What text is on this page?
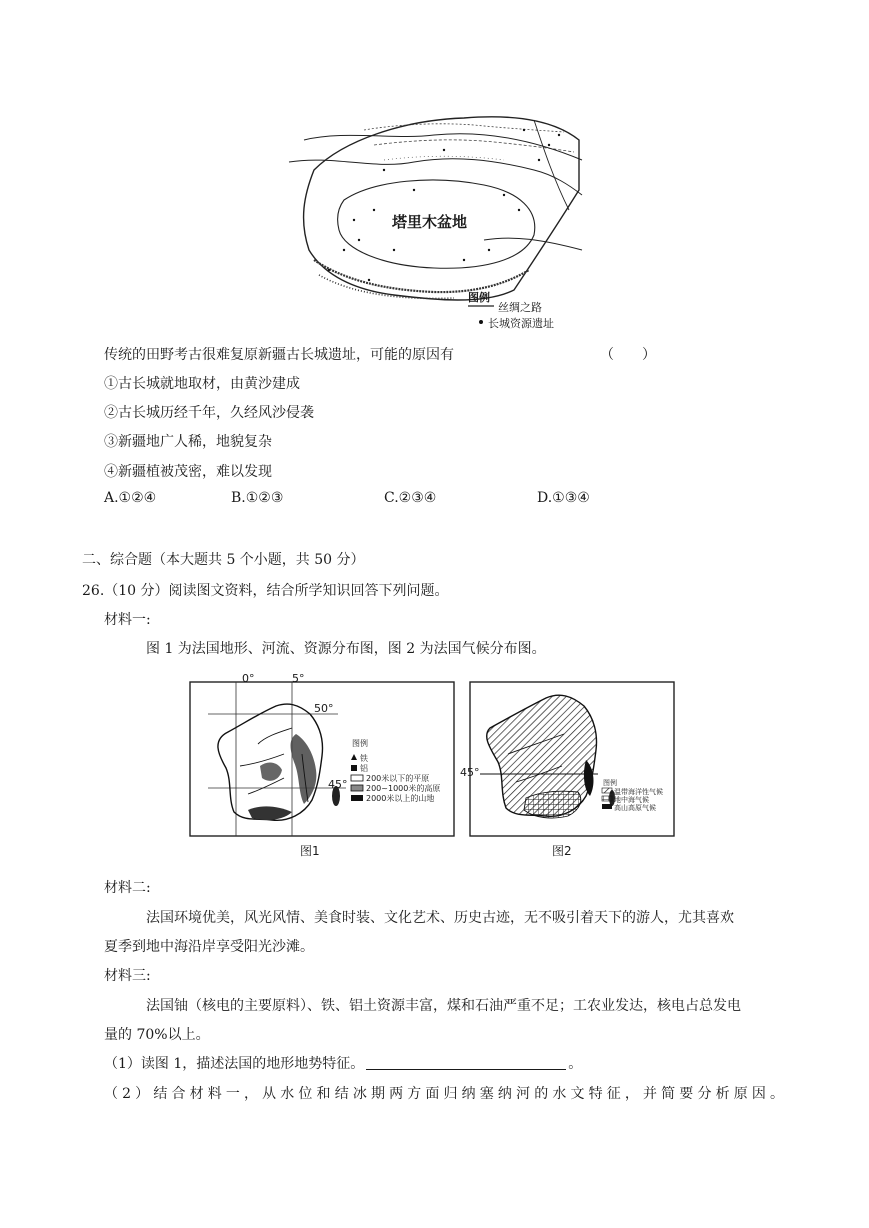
塔里木盆地
图例
丝绸之路
长城资源遗址
传统的田野考古很难复原新疆古长城遗址，可能的原因有	（　　）
①古长城就地取材，由黄沙建成
②古长城历经千年，久经风沙侵袭
③新疆地广人稀，地貌复杂
④新疆植被茂密，难以发现
A.①②④	B.①②③	C.②③④	D.①③④
二、综合题（本大题共 5 个小题，共 50 分）
26.（10 分）阅读图文资料，结合所学知识回答下列问题。
材料一:
图 1 为法国地形、河流、资源分布图，图 2 为法国气候分布图。
0°	5°
50°
45°
图例
铁
铝
200米以下的平原
200~1000米的高原
2000米以上的山地
图1
45°
图例
温带海洋性气候
地中海气候
高山高原气候
图2
材料二:
法国环境优美，风光风情、美食时装、文化艺术、历史古迹，无不吸引着天下的游人，尤其喜欢
夏季到地中海沿岸享受阳光沙滩。
材料三:
法国铀（核电的主要原料）、铁、铝土资源丰富，煤和石油严重不足；工农业发达，核电占总发电
量的 70%以上。
（1）读图 1，描述法国的地形地势特征。	。
（2）结合材料一，从水位和结冰期两方面归纳塞纳河的水文特征，并简要分析原因。
